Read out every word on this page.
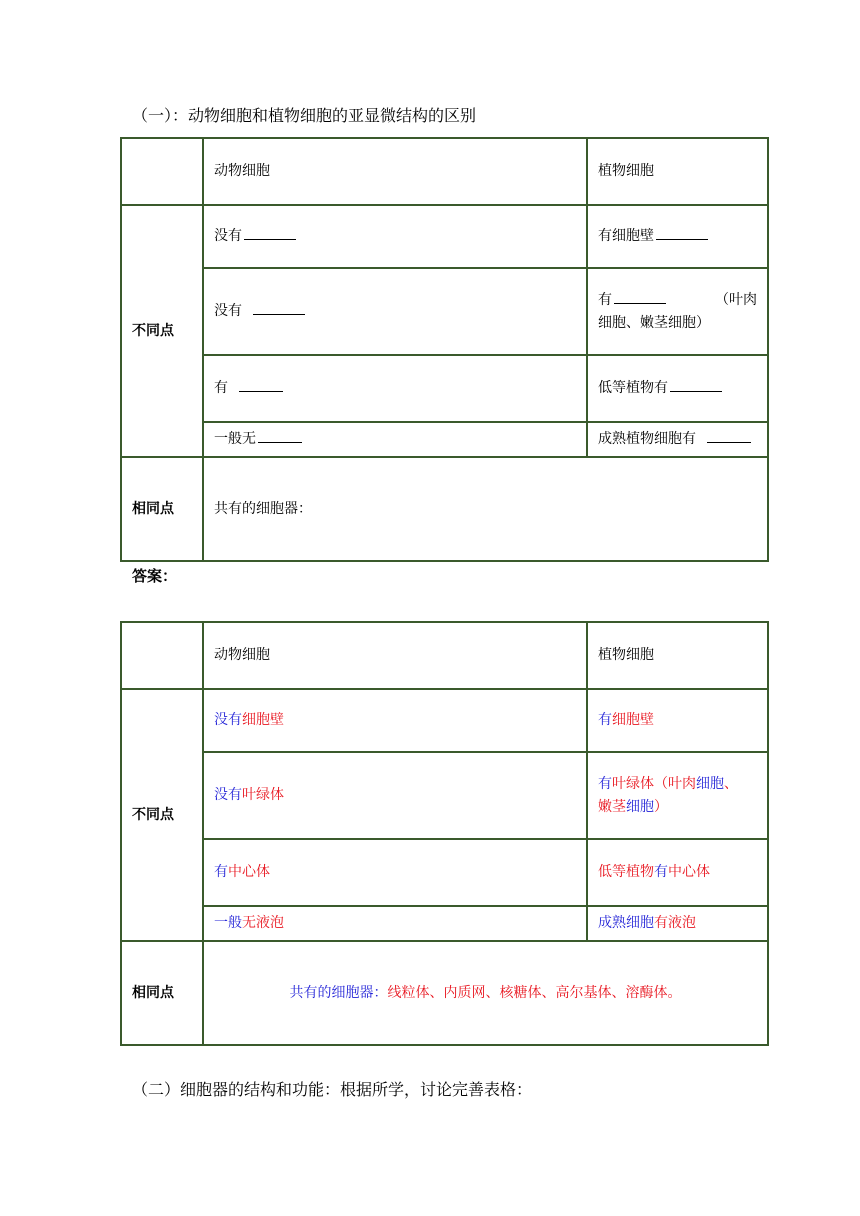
（一）：动物细胞和植物细胞的亚显微结构的区别
	动物细胞	植物细胞
不同点	没有	有细胞壁
	没有	有 （叶肉

细胞、嫩茎细胞）
	有	低等植物有
	一般无	成熟植物细胞有
相同点	共有的细胞器：	
答案：
	动物细胞	植物细胞
不同点	没有细胞壁	有细胞壁
	没有叶绿体	有叶绿体（叶肉细胞、
嫩茎细胞）
	有中心体	低等植物有中心体
	一般无液泡	成熟细胞有液泡
相同点	共有的细胞器：线粒体、内质网、核糖体、高尔基体、溶酶体。	
（二）细胞器的结构和功能：根据所学，讨论完善表格：
